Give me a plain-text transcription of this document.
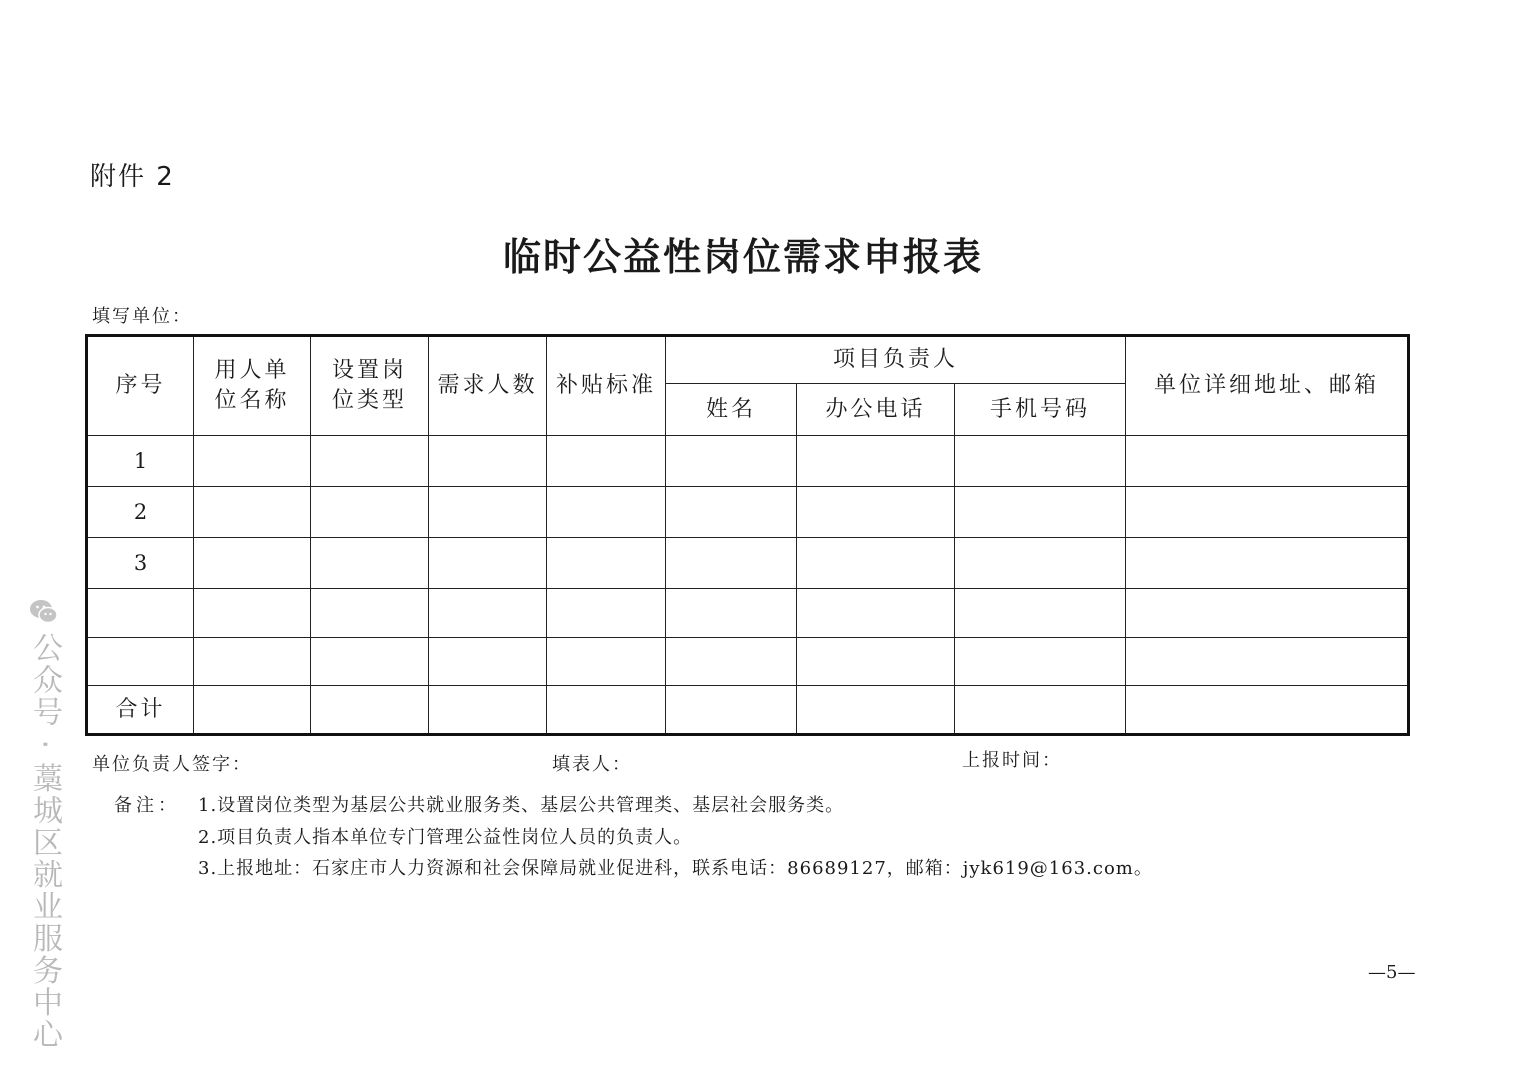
附件 2
临时公益性岗位需求申报表
填写单位：
序号	用人单位名称	设置岗位类型	需求人数	补贴标准	项目负责人			单位详细地址、邮箱
					姓名	办公电话	手机号码	
1								
2								
3								

合计								
单位负责人签字：	填表人：	上报时间：
备注： 1.设置岗位类型为基层公共就业服务类、基层公共管理类、基层社会服务类。
2.项目负责人指本单位专门管理公益性岗位人员的负责人。
3.上报地址：石家庄市人力资源和社会保障局就业促进科，联系电话：86689127，邮箱：jyk619@163.com。
—5—
公众号 · 藁城区就业服务中心
